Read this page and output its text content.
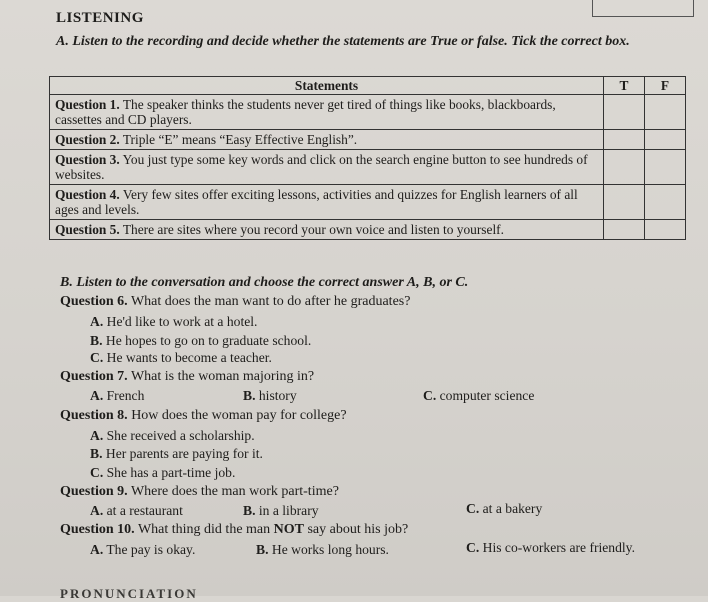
LISTENING
A. Listen to the recording and decide whether the statements are True or false. Tick the correct box.
Statements	T	F
Question 1. The speaker thinks the students never get tired of things like books, blackboards, cassettes and CD players.		
Question 2. Triple “E” means “Easy Effective English”.		
Question 3. You just type some key words and click on the search engine button to see hundreds of websites.		
Question 4. Very few sites offer exciting lessons, activities and quizzes for English learners of all ages and levels.		
Question 5. There are sites where you record your own voice and listen to yourself.		
B. Listen to the conversation and choose the correct answer A, B, or C.
Question 6. What does the man want to do after he graduates?
A. He'd like to work at a hotel.
B. He hopes to go on to graduate school.
C. He wants to become a teacher.
Question 7. What is the woman majoring in?
A. French	B. history	C. computer science
Question 8. How does the woman pay for college?
A. She received a scholarship.
B. Her parents are paying for it.
C. She has a part-time job.
Question 9. Where does the man work part-time?
A. at a restaurant	B. in a library	C. at a bakery
Question 10. What thing did the man NOT say about his job?
A. The pay is okay.	B. He works long hours.	C. His co-workers are friendly.
PRONUNCIATION
